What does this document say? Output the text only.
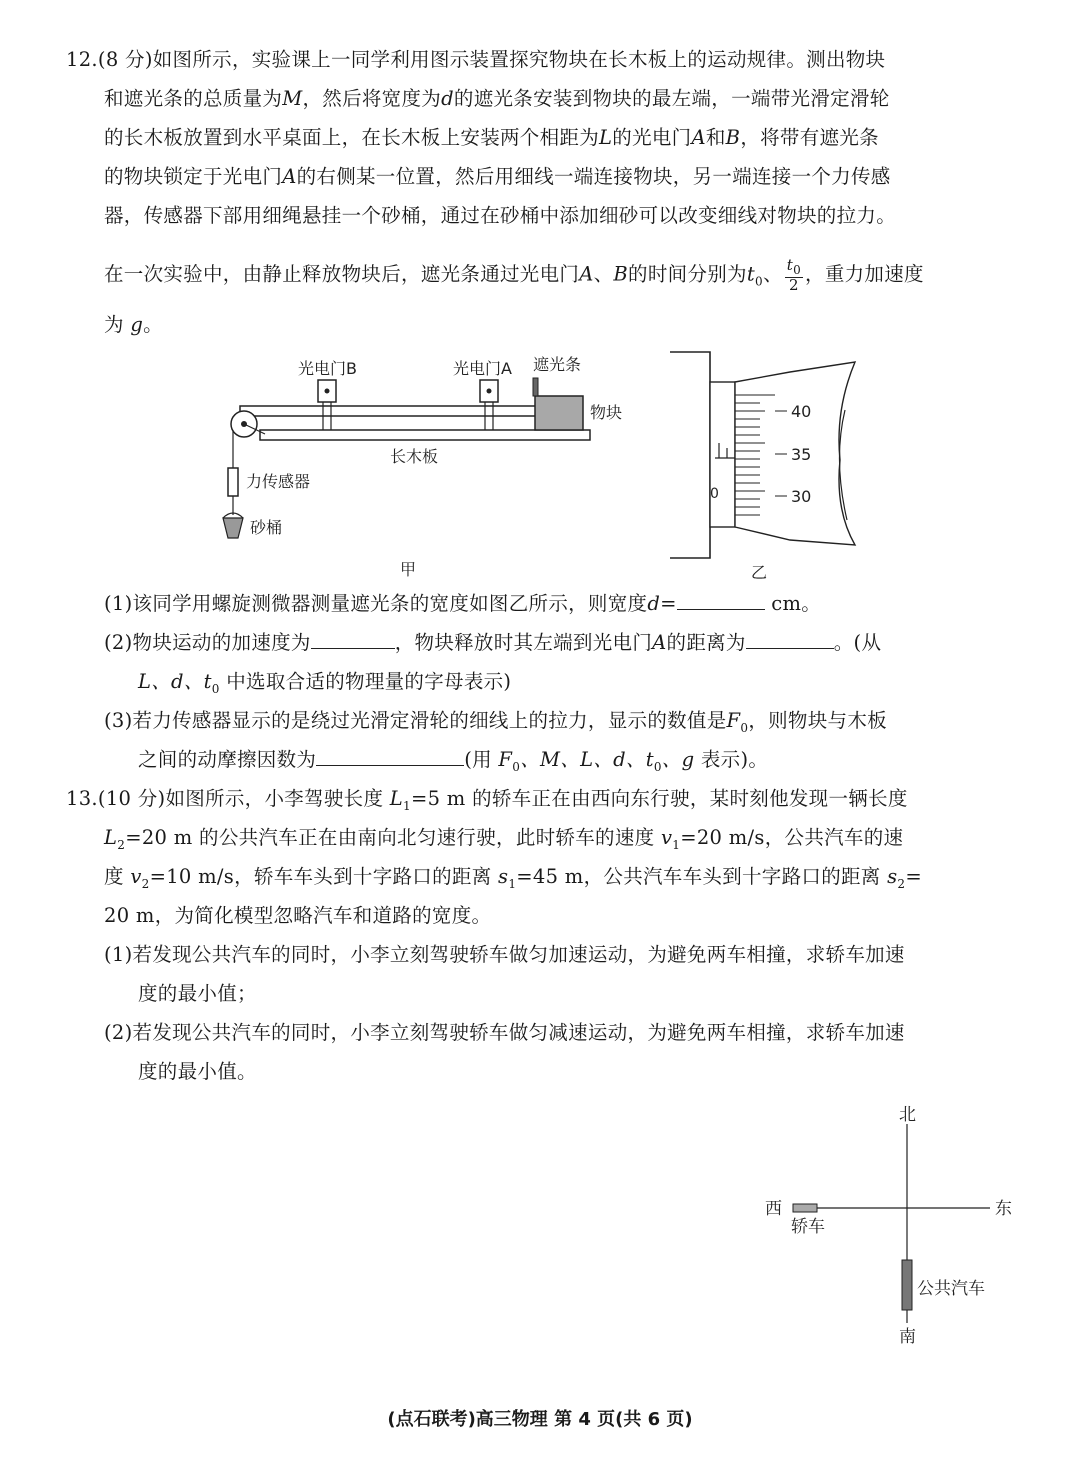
12.(8 分)如图所示，实验课上一同学利用图示装置探究物块在长木板上的运动规律。测出物块
和遮光条的总质量为M，然后将宽度为d的遮光条安装到物块的最左端，一端带光滑定滑轮
的长木板放置到水平桌面上，在长木板上安装两个相距为L的光电门A和B，将带有遮光条
的物块锁定于光电门A的右侧某一位置，然后用细线一端连接物块，另一端连接一个力传感
器，传感器下部用细绳悬挂一个砂桶，通过在砂桶中添加细砂可以改变细线对物块的拉力。
在一次实验中，由静止释放物块后，遮光条通过光电门A、B的时间分别为$t_0$、 $\frac{t_0}{2}$ ，重力加速度
为 g。
光电门B	光电门A 遮光条
物块
长木板
力传感器
砂桶
甲
40
35
30
0
乙
(1)该同学用螺旋测微器测量遮光条的宽度如图乙所示，则宽度d=	cm。
(2)物块运动的加速度为	，物块释放时其左端到光电门A的距离为	。(从
L、d、$t_0$ 中选取合适的物理量的字母表示)
(3)若力传感器显示的是绕过光滑定滑轮的细线上的拉力，显示的数值是$F_0$，则物块与木板
之间的动摩擦因数为	(用 $F_0$、M、L、d、$t_0$、g 表示)。
13.(10 分)如图所示，小李驾驶长度 $L_1=5$ m 的轿车正在由西向东行驶，某时刻他发现一辆长度
$L_2=20$ m 的公共汽车正在由南向北匀速行驶，此时轿车的速度 $v_1=20$ m/s，公共汽车的速
度 $v_2=10$ m/s，轿车车头到十字路口的距离 $s_1=45$ m，公共汽车车头到十字路口的距离 $s_2=$
20 m，为简化模型忽略汽车和道路的宽度。
(1)若发现公共汽车的同时，小李立刻驾驶轿车做匀加速运动，为避免两车相撞，求轿车加速
度的最小值；
(2)若发现公共汽车的同时，小李立刻驾驶轿车做匀减速运动，为避免两车相撞，求轿车加速
度的最小值。
北
南
东
西
轿车
公共汽车
(点石联考)高三物理 第 4 页(共 6 页)
